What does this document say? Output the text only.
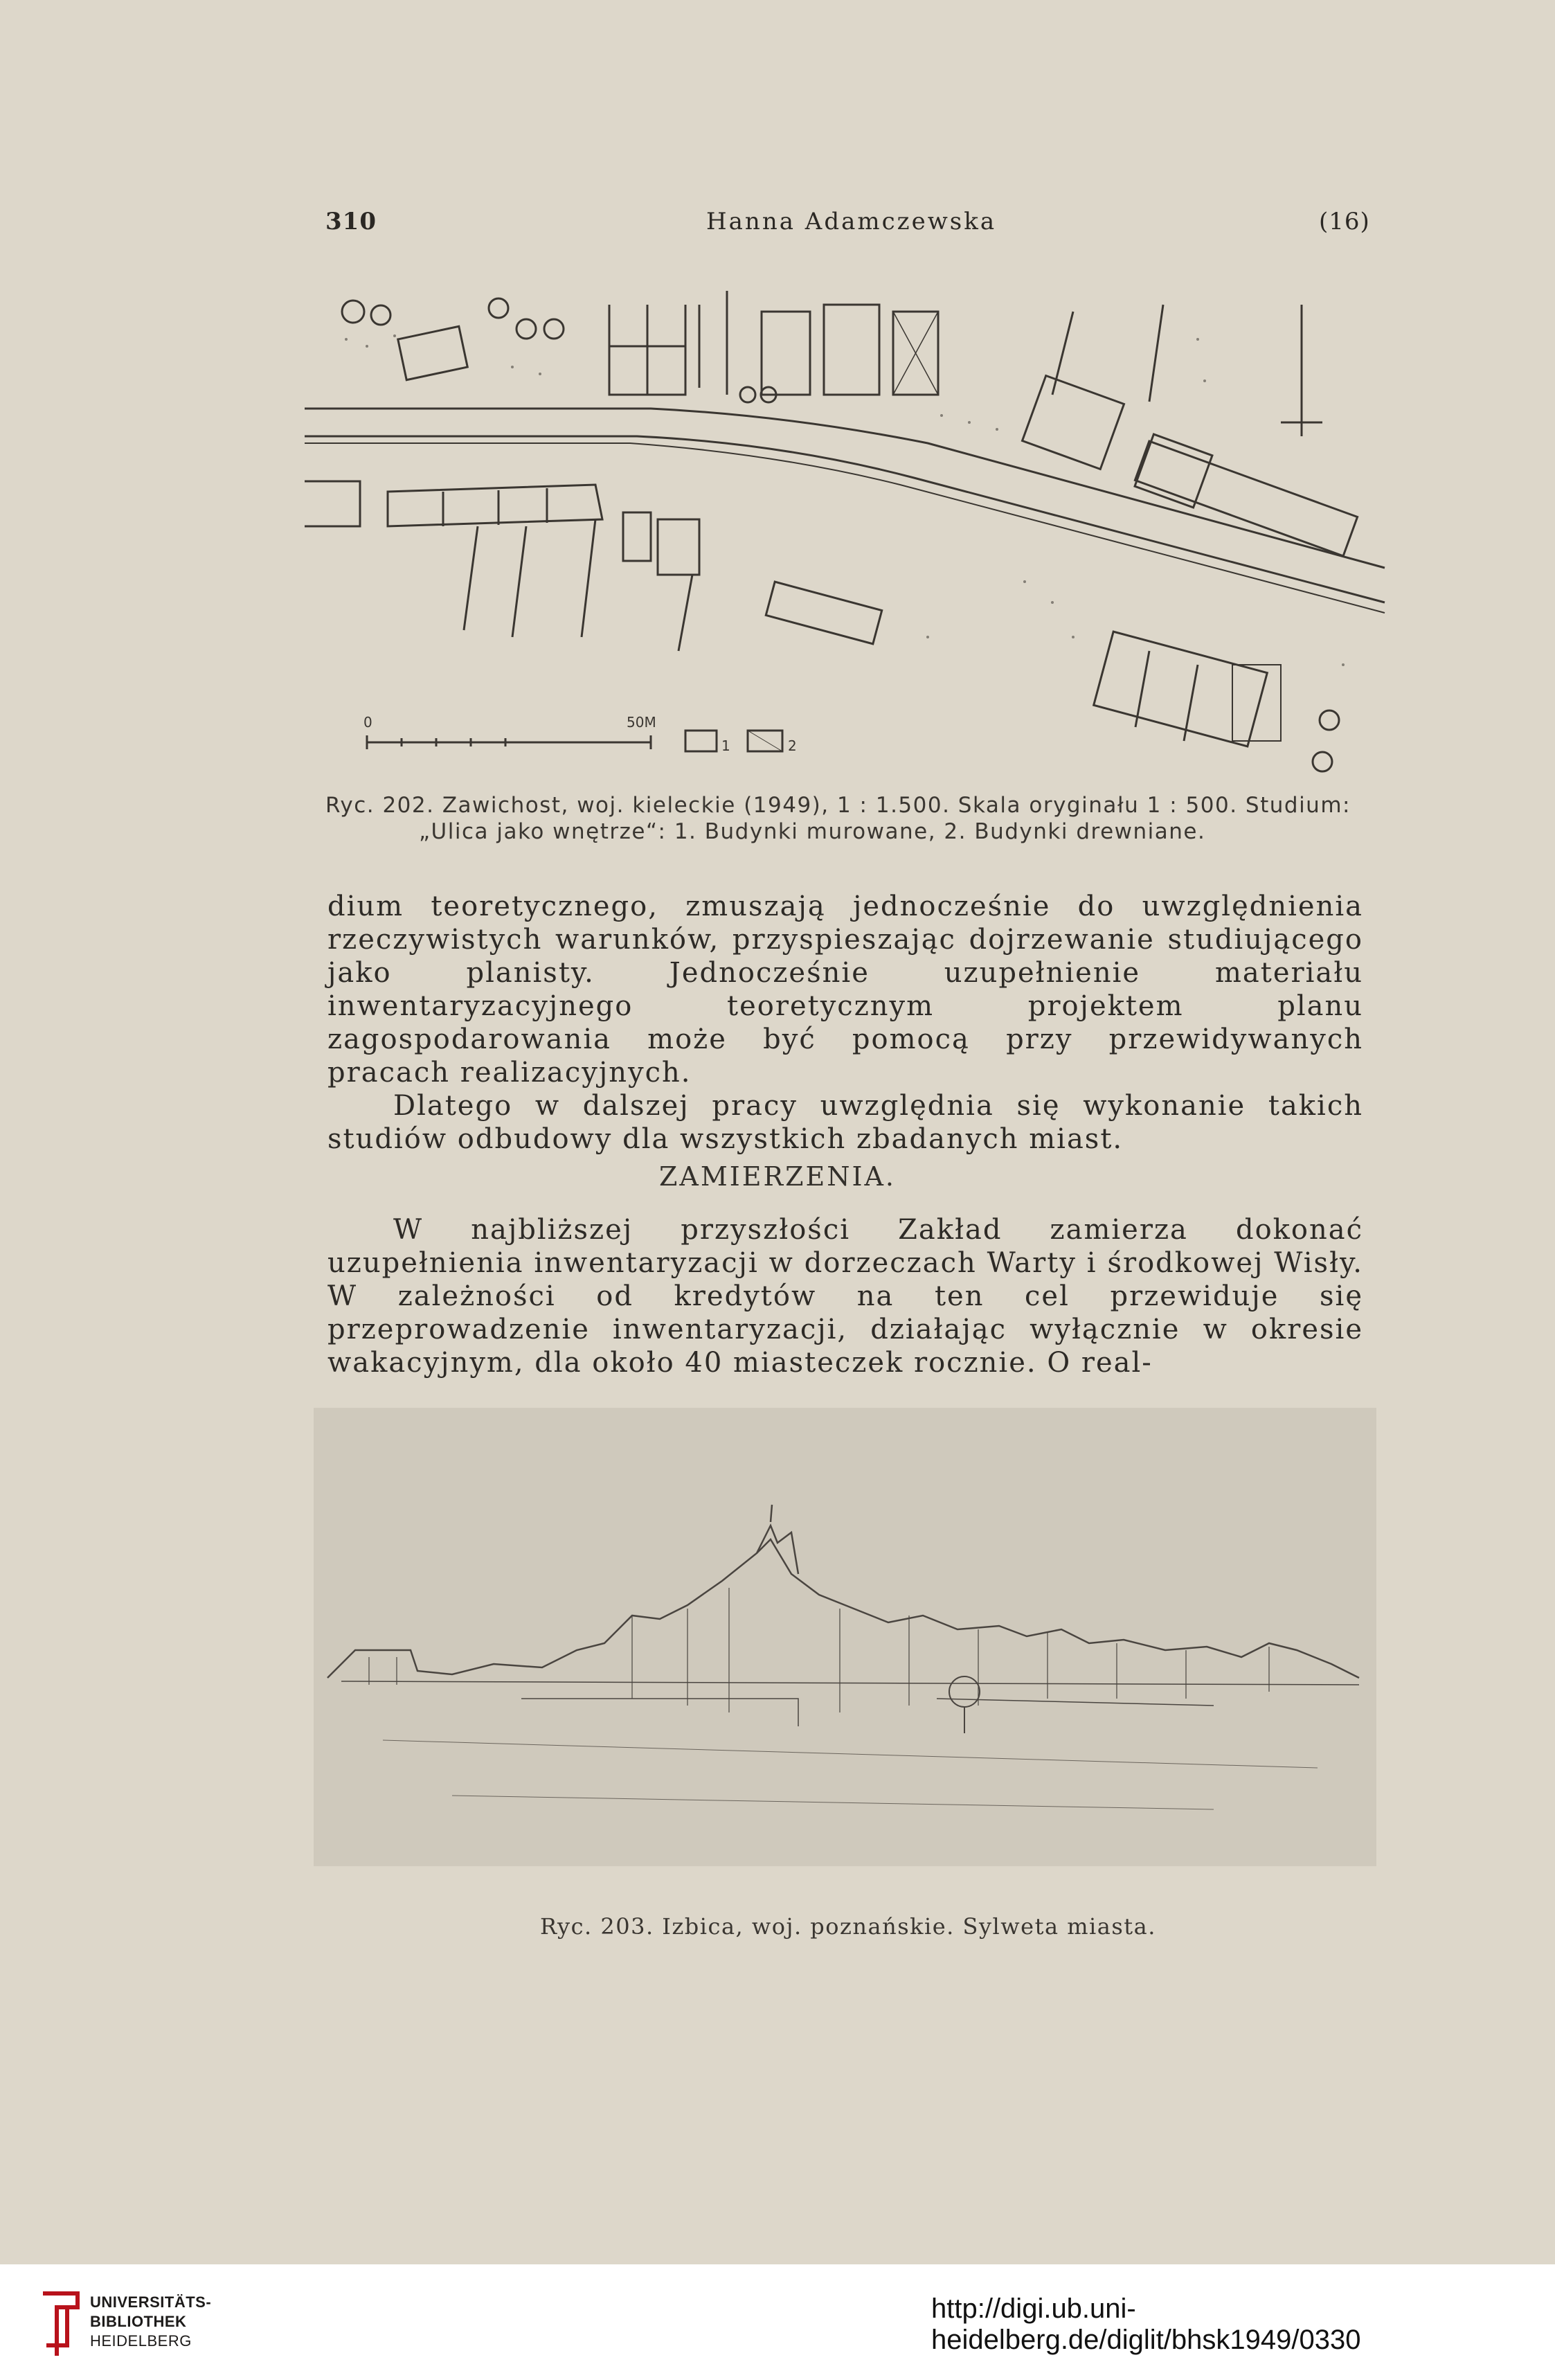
310	Hanna Adamczewska	(16)
0	50M
1	2
Ryc. 202. Zawichost, woj. kieleckie (1949), 1 : 1.500. Skala oryginału 1 : 500. Studium:
„Ulica jako wnętrze“: 1. Budynki murowane, 2. Budynki drewniane.

dium teoretycznego, zmuszają jednocześnie do uwzględnienia rzeczywistych warunków, przyspieszając dojrzewanie studiującego jako planisty. Jednocześnie uzupełnienie materiału inwentaryzacyjnego teoretycznym projektem planu zagospodarowania może być pomocą przy przewidywanych pracach realizacyjnych.

Dlatego w dalszej pracy uwzględnia się wykonanie takich studiów odbudowy dla wszystkich zbadanych miast.

ZAMIERZENIA.

W najbliższej przyszłości Zakład zamierza dokonać uzupełnienia inwentaryzacji w dorzeczach Warty i środkowej Wisły. W zależności od kredytów na ten cel przewiduje się przeprowadzenie inwentaryzacji, działając wyłącznie w okresie wakacyjnym, dla około 40 miasteczek rocznie. O real-

Ryc. 203. Izbica, woj. poznańskie. Sylweta miasta.
UNIVERSITÄTS-
BIBLIOTHEK
HEIDELBERG
http://digi.ub.uni-heidelberg.de/diglit/bhsk1949/0330
